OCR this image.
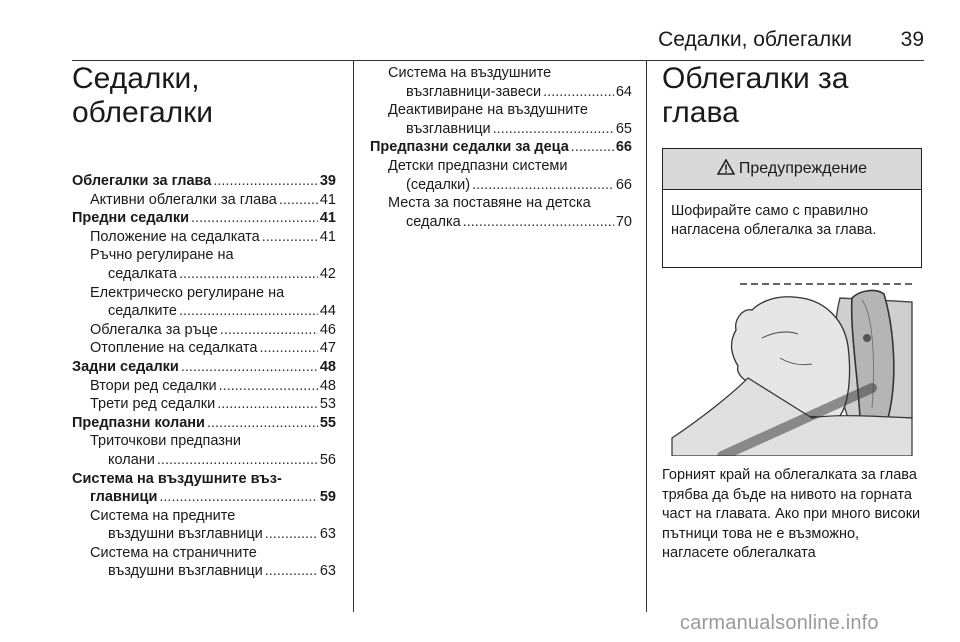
Седалки, облегалки 39
Седалки,
облегалки
Облегалки за глава .....	39
Активни облегалки за глава .....	41
Предни седалки .....	41
Положение на седалката .....	41
Ръчно регулиране на
седалката .....	42
Електрическо регулиране на
седалките .....	44
Облегалка за ръце .....	46
Отопление на седалката .....	47
Задни седалки .....	48
Втори ред седалки .....	48
Трети ред седалки .....	53
Предпазни колани .....	55
Триточкови предпазни
колани .....	56
Система на въздушните въз-
главници .....	59
Система на предните
въздушни възглавници .....	63
Система на страничните
въздушни възглавници .....	63
Система на въздушните
възглавници-завеси .....	64
Деактивиране на въздушните
възглавници .....	65
Предпазни седалки за деца .....	66
Детски предпазни системи
(седалки) .....	66
Места за поставяне на детска
седалка .....	70
Облегалки за глава
Предупреждение
Шофирайте само с правилно нагласена облегалка за глава.
Горният край на облегалката за глава трябва да бъде на нивото на горната част на главата. Ако при много високи пътници това не е възможно, нагласете облегалката
carmanualsonline.info
